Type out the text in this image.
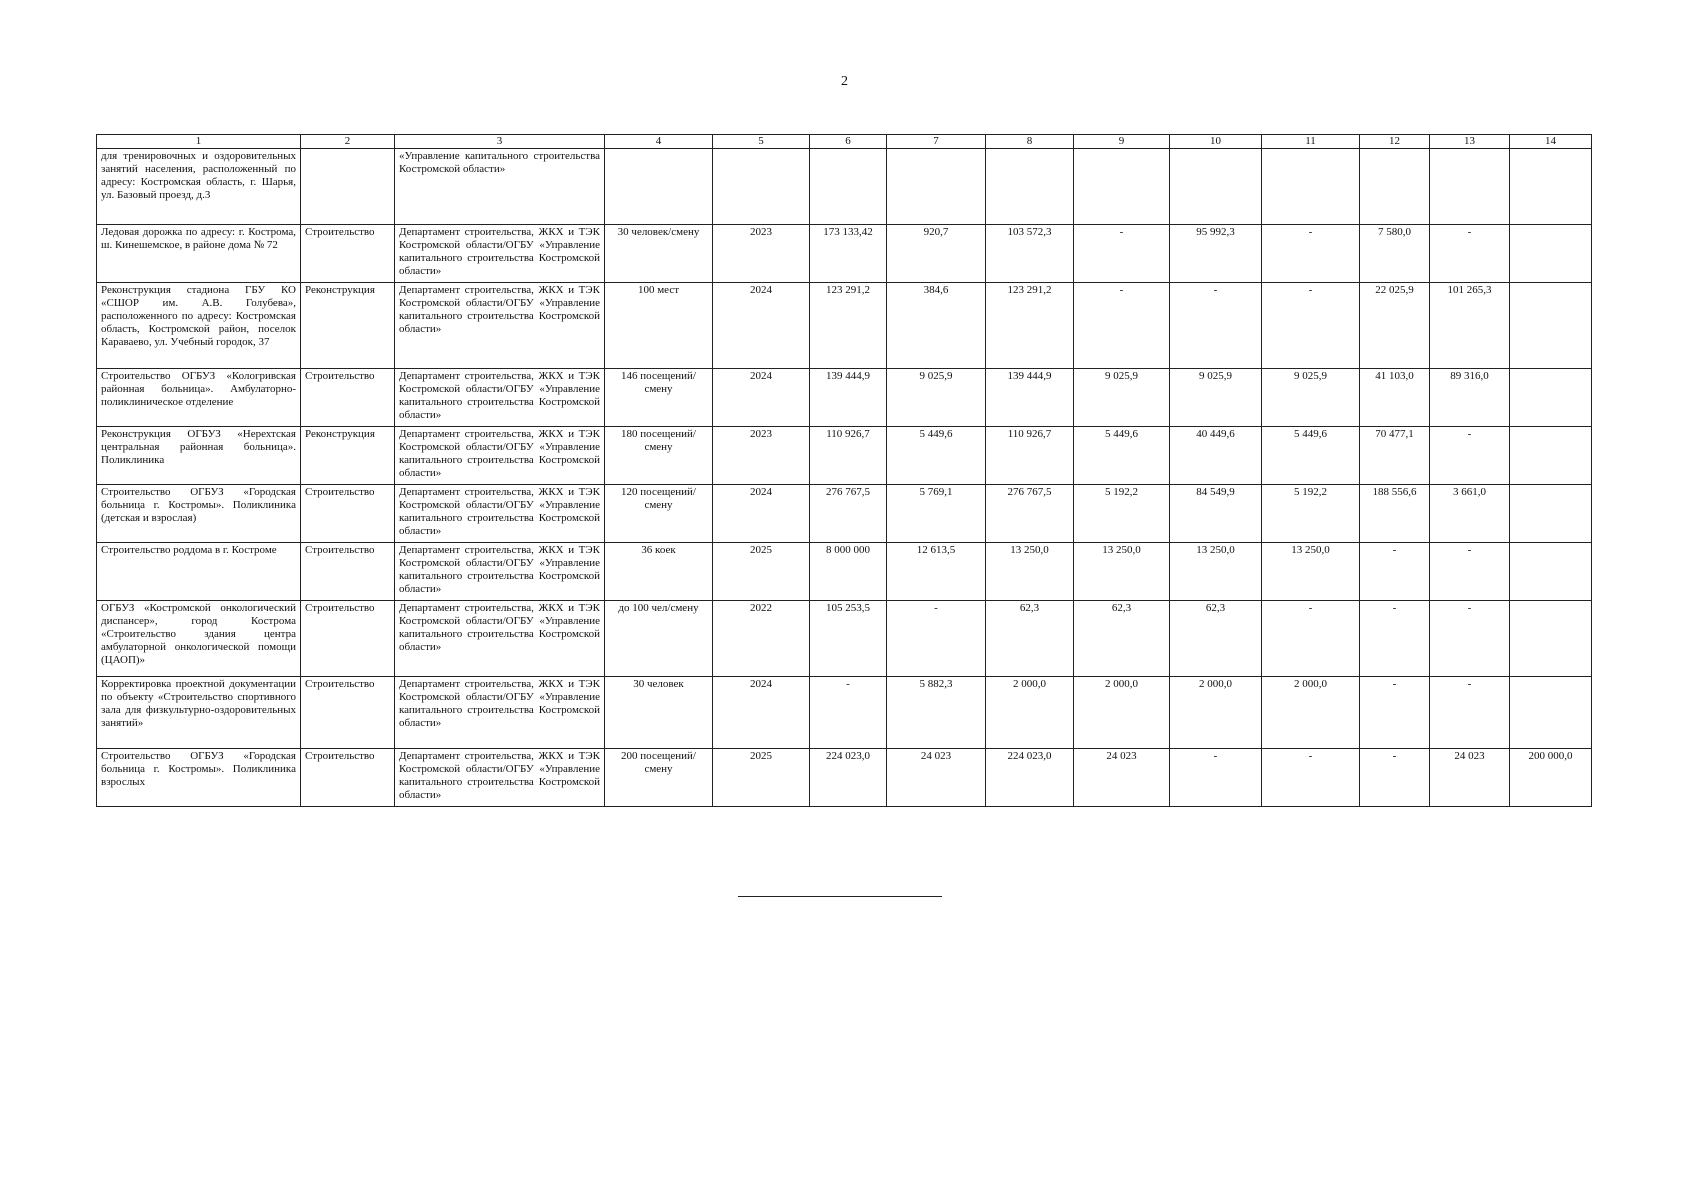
2
1	2	3	4	5	6	7	8	9	10	11	12	13	14
для тренировочных и оздоровительных занятий населения, расположенный по адресу: Костромская область, г. Шарья, ул. Базовый проезд, д.3		«Управление капитального строительства Костромской области»											
Ледовая дорожка по адресу: г. Кострома, ш. Кинешемское, в районе дома № 72	Строительство	Департамент строительства, ЖКХ и ТЭК Костромской области/ОГБУ «Управление капитального строительства Костромской области»	30 человек/смену	2023	173 133,42	920,7	103 572,3	-	95 992,3	-	7 580,0	-	
Реконструкция стадиона ГБУ КО «СШОР им. А.В. Голубева», расположенного по адресу: Костромская область, Костромской район, поселок Караваево, ул. Учебный городок, 37	Реконструкция	Департамент строительства, ЖКХ и ТЭК Костромской области/ОГБУ «Управление капитального строительства Костромской области»	100 мест	2024	123 291,2	384,6	123 291,2	-	-	-	22 025,9	101 265,3	
Строительство ОГБУЗ «Кологривская районная больница». Амбулаторно-поликлиническое отделение	Строительство	Департамент строительства, ЖКХ и ТЭК Костромской области/ОГБУ «Управление капитального строительства Костромской области»	146 посещений/смену	2024	139 444,9	9 025,9	139 444,9	9 025,9	9 025,9	9 025,9	41 103,0	89 316,0	
Реконструкция ОГБУЗ «Нерехтская центральная районная больница». Поликлиника	Реконструкция	Департамент строительства, ЖКХ и ТЭК Костромской области/ОГБУ «Управление капитального строительства Костромской области»	180 посещений/смену	2023	110 926,7	5 449,6	110 926,7	5 449,6	40 449,6	5 449,6	70 477,1	-	
Строительство ОГБУЗ «Городская больница г. Костромы». Поликлиника (детская и взрослая)	Строительство	Департамент строительства, ЖКХ и ТЭК Костромской области/ОГБУ «Управление капитального строительства Костромской области»	120 посещений/смену	2024	276 767,5	5 769,1	276 767,5	5 192,2	84 549,9	5 192,2	188 556,6	3 661,0	
Строительство роддома в г. Костроме	Строительство	Департамент строительства, ЖКХ и ТЭК Костромской области/ОГБУ «Управление капитального строительства Костромской области»	36 коек	2025	8 000 000	12 613,5	13 250,0	13 250,0	13 250,0	13 250,0	-	-	
ОГБУЗ «Костромской онкологический диспансер», город Кострома «Строительство здания центра амбулаторной онкологической помощи (ЦАОП)»	Строительство	Департамент строительства, ЖКХ и ТЭК Костромской области/ОГБУ «Управление капитального строительства Костромской области»	до 100 чел/смену	2022	105 253,5	-	62,3	62,3	62,3	-	-	-	
Корректировка проектной документации по объекту «Строительство спортивного зала для физкультурно-оздоровительных занятий»	Строительство	Департамент строительства, ЖКХ и ТЭК Костромской области/ОГБУ «Управление капитального строительства Костромской области»	30 человек	2024	-	5 882,3	2 000,0	2 000,0	2 000,0	2 000,0	-	-	
Строительство ОГБУЗ «Городская больница г. Костромы». Поликлиника взрослых	Строительство	Департамент строительства, ЖКХ и ТЭК Костромской области/ОГБУ «Управление капитального строительства Костромской области»	200 посещений/смену	2025	224 023,0	24 023	224 023,0	24 023	-	-	-	24 023	200 000,0
